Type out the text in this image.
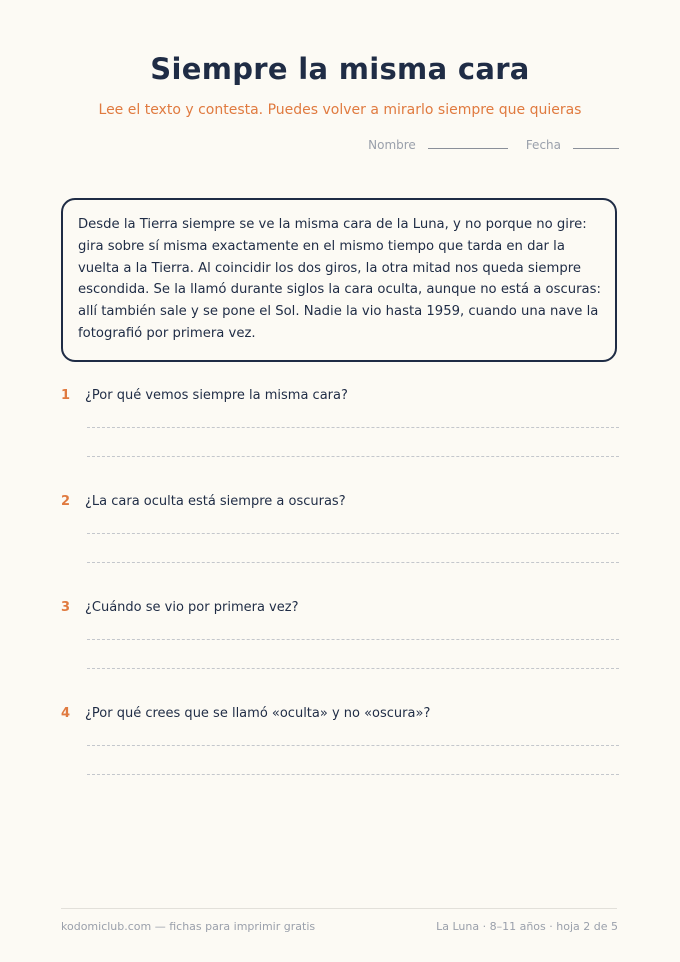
Siempre la misma cara
Lee el texto y contesta. Puedes volver a mirarlo siempre que quieras
Nombre	Fecha
Desde la Tierra siempre se ve la misma cara de la Luna, y no porque no gire: gira sobre sí misma exactamente en el mismo tiempo que tarda en dar la vuelta a la Tierra. Al coincidir los dos giros, la otra mitad nos queda siempre escondida. Se la llamó durante siglos la cara oculta, aunque no está a oscuras: allí también sale y se pone el Sol. Nadie la vio hasta 1959, cuando una nave la fotografió por primera vez.
1	¿Por qué vemos siempre la misma cara?
2	¿La cara oculta está siempre a oscuras?
3	¿Cuándo se vio por primera vez?
4	¿Por qué crees que se llamó «oculta» y no «oscura»?
kodomiclub.com — fichas para imprimir gratis	La Luna · 8–11 años · hoja 2 de 5
